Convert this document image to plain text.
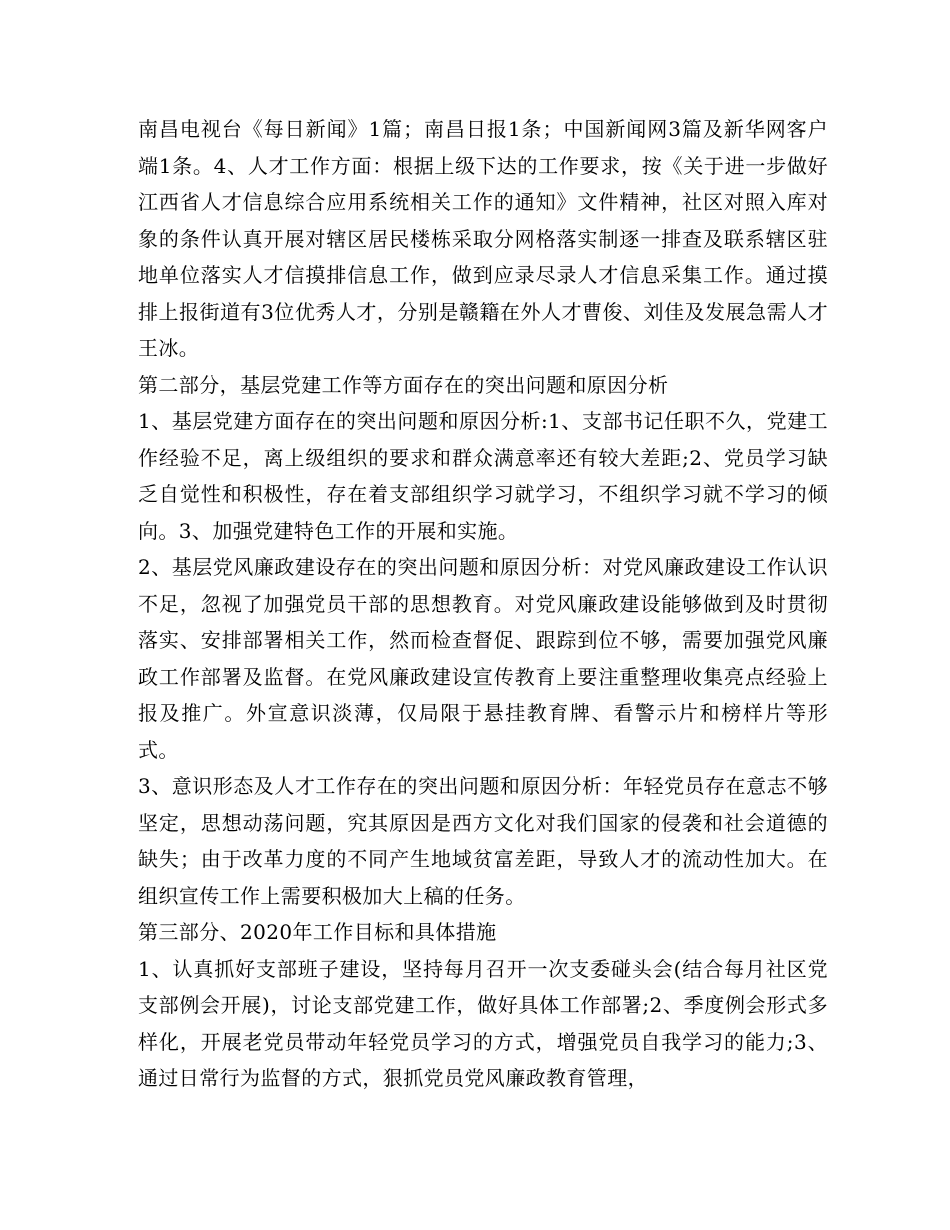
南昌电视台《每日新闻》1篇；南昌日报1条；中国新闻网3篇及新华网客户端1条。4、人才工作方面：根据上级下达的工作要求，按《关于进一步做好江西省人才信息综合应用系统相关工作的通知》文件精神，社区对照入库对象的条件认真开展对辖区居民楼栋采取分网格落实制逐一排查及联系辖区驻地单位落实人才信摸排信息工作，做到应录尽录人才信息采集工作。通过摸排上报街道有3位优秀人才，分别是赣籍在外人才曹俊、刘佳及发展急需人才王冰。

第二部分，基层党建工作等方面存在的突出问题和原因分析

1、基层党建方面存在的突出问题和原因分析:1、支部书记任职不久，党建工作经验不足，离上级组织的要求和群众满意率还有较大差距;2、党员学习缺乏自觉性和积极性，存在着支部组织学习就学习，不组织学习就不学习的倾向。3、加强党建特色工作的开展和实施。

2、基层党风廉政建设存在的突出问题和原因分析：对党风廉政建设工作认识不足，忽视了加强党员干部的思想教育。对党风廉政建设能够做到及时贯彻落实、安排部署相关工作，然而检查督促、跟踪到位不够，需要加强党风廉政工作部署及监督。在党风廉政建设宣传教育上要注重整理收集亮点经验上报及推广。外宣意识淡薄，仅局限于悬挂教育牌、看警示片和榜样片等形式。

3、意识形态及人才工作存在的突出问题和原因分析：年轻党员存在意志不够坚定，思想动荡问题，究其原因是西方文化对我们国家的侵袭和社会道德的缺失；由于改革力度的不同产生地域贫富差距，导致人才的流动性加大。在组织宣传工作上需要积极加大上稿的任务。

第三部分、2020年工作目标和具体措施

1、认真抓好支部班子建设，坚持每月召开一次支委碰头会(结合每月社区党支部例会开展)，讨论支部党建工作，做好具体工作部署;2、季度例会形式多样化，开展老党员带动年轻党员学习的方式，增强党员自我学习的能力;3、通过日常行为监督的方式，狠抓党员党风廉政教育管理，
